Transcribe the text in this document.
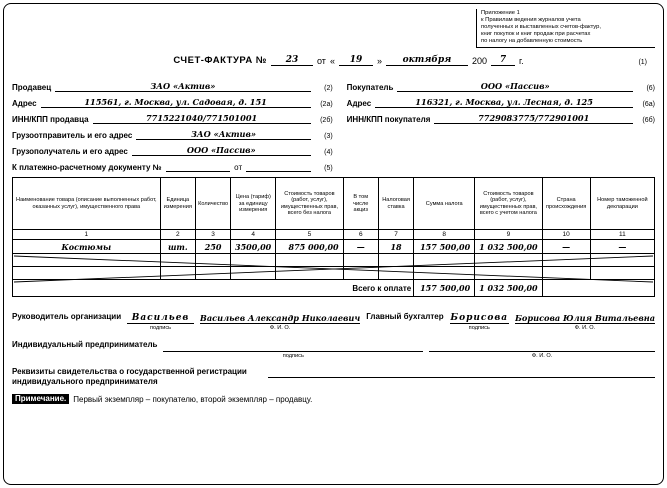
Приложение 1
к Правилам ведения журналов учета
полученных и выставленных счетов-фактур,
книг покупок и книг продаж при расчетах
по налогу на добавленную стоимость
СЧЕТ-ФАКТУРА №	23	от «	19	»	октября	200	7	г.	(1)
Продавец	ЗАО «Актив»	(2)
Адрес	115561, г. Москва, ул. Садовая, д. 151	(2а)
ИНН/КПП продавца	7715221040/771501001	(2б)
Грузоотправитель и его адрес	ЗАО «Актив»	(3)
Грузополучатель и его адрес	ООО «Пассив»	(4)
К платежно-расчетному документу №	от	(5)
Покупатель	ООО «Пассив»	(6)
Адрес	116321, г. Москва, ул. Лесная, д. 125	(6а)
ИНН/КПП покупателя	7729083775/772901001	(6б)
Наименование товара (описание выполненных работ, оказанных услуг), имущественного права	Единица измерения	Количество	Цена (тариф) за единицу измерения	Стоимость товаров (работ, услуг), имущественных прав, всего без налога	В том числе акциз	Налоговая ставка	Сумма налога	Стоимость товаров (работ, услуг), имущественных прав, всего с учетом налога	Страна происхождения	Номер таможенной декларации
1	2	3	4	5	6	7	8	9	10	11
Костюмы	шт.	250	3500,00	875 000,00	—	18	157 500,00	1 032 500,00	—	—

Всего к оплате							157 500,00	1 032 500,00		
Руководитель организации Васильев
подпись
Васильев Александр Николаевич
Ф. И. О.
Главный бухгалтер Борисова
подпись
Борисова Юлия Витальевна
Ф. И. О.
Индивидуальный предприниматель
подпись	Ф. И. О.
Реквизиты свидетельства о государственной регистрации индивидуального предпринимателя
Примечание. Первый экземпляр – покупателю, второй экземпляр – продавцу.
